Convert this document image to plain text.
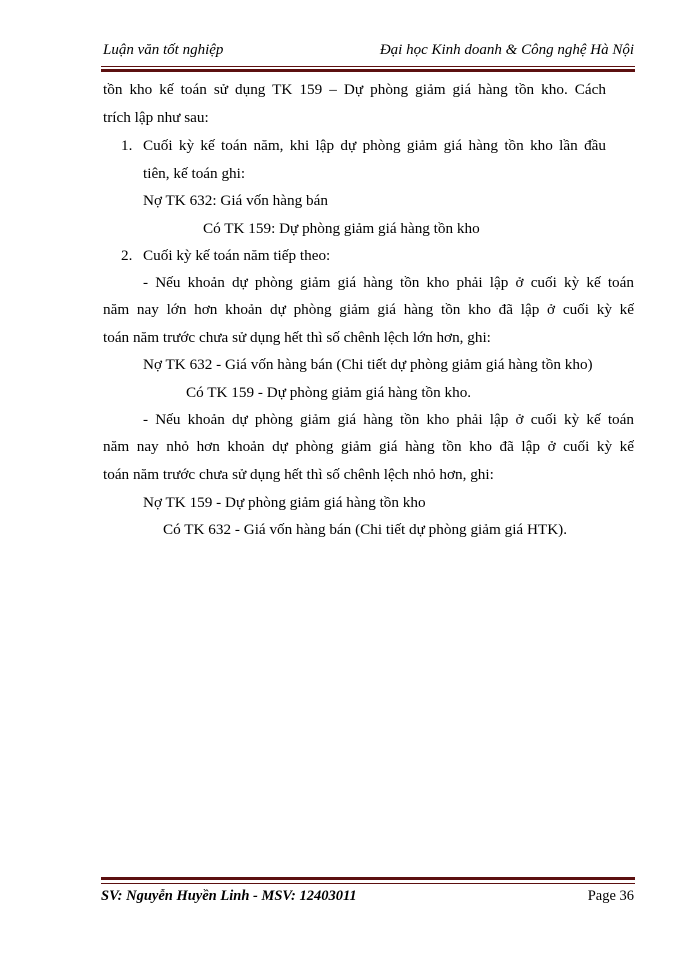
Luận văn tốt nghiệp	Đại học Kinh doanh & Công nghệ Hà Nội
tồn kho kế toán sử dụng TK 159 – Dự phòng giảm giá hàng tồn kho. Cách
trích lập như sau:
1. Cuối kỳ kế toán năm, khi lập dự phòng giảm giá hàng tồn kho lần đầu
tiên, kế toán ghi:
Nợ TK 632: Giá vốn hàng bán
Có TK 159: Dự phòng giảm giá hàng tồn kho
2. Cuối kỳ kế toán năm tiếp theo:
- Nếu khoản dự phòng giảm giá hàng tồn kho phải lập ở cuối kỳ kế toán
năm nay lớn hơn khoản dự phòng giảm giá hàng tồn kho đã lập ở cuối kỳ kế
toán năm trước chưa sử dụng hết thì số chênh lệch lớn hơn, ghi:
Nợ TK 632 - Giá vốn hàng bán (Chi tiết dự phòng giảm giá hàng tồn kho)
Có TK 159 - Dự phòng giảm giá hàng tồn kho.
- Nếu khoản dự phòng giảm giá hàng tồn kho phải lập ở cuối kỳ kế toán
năm nay nhỏ hơn khoản dự phòng giảm giá hàng tồn kho đã lập ở cuối kỳ kế
toán năm trước chưa sử dụng hết thì số chênh lệch nhỏ hơn, ghi:
Nợ TK 159 - Dự phòng giảm giá hàng tồn kho
Có TK 632 - Giá vốn hàng bán (Chi tiết dự phòng giảm giá HTK).
SV: Nguyễn Huyền Linh - MSV: 12403011	Page 36
